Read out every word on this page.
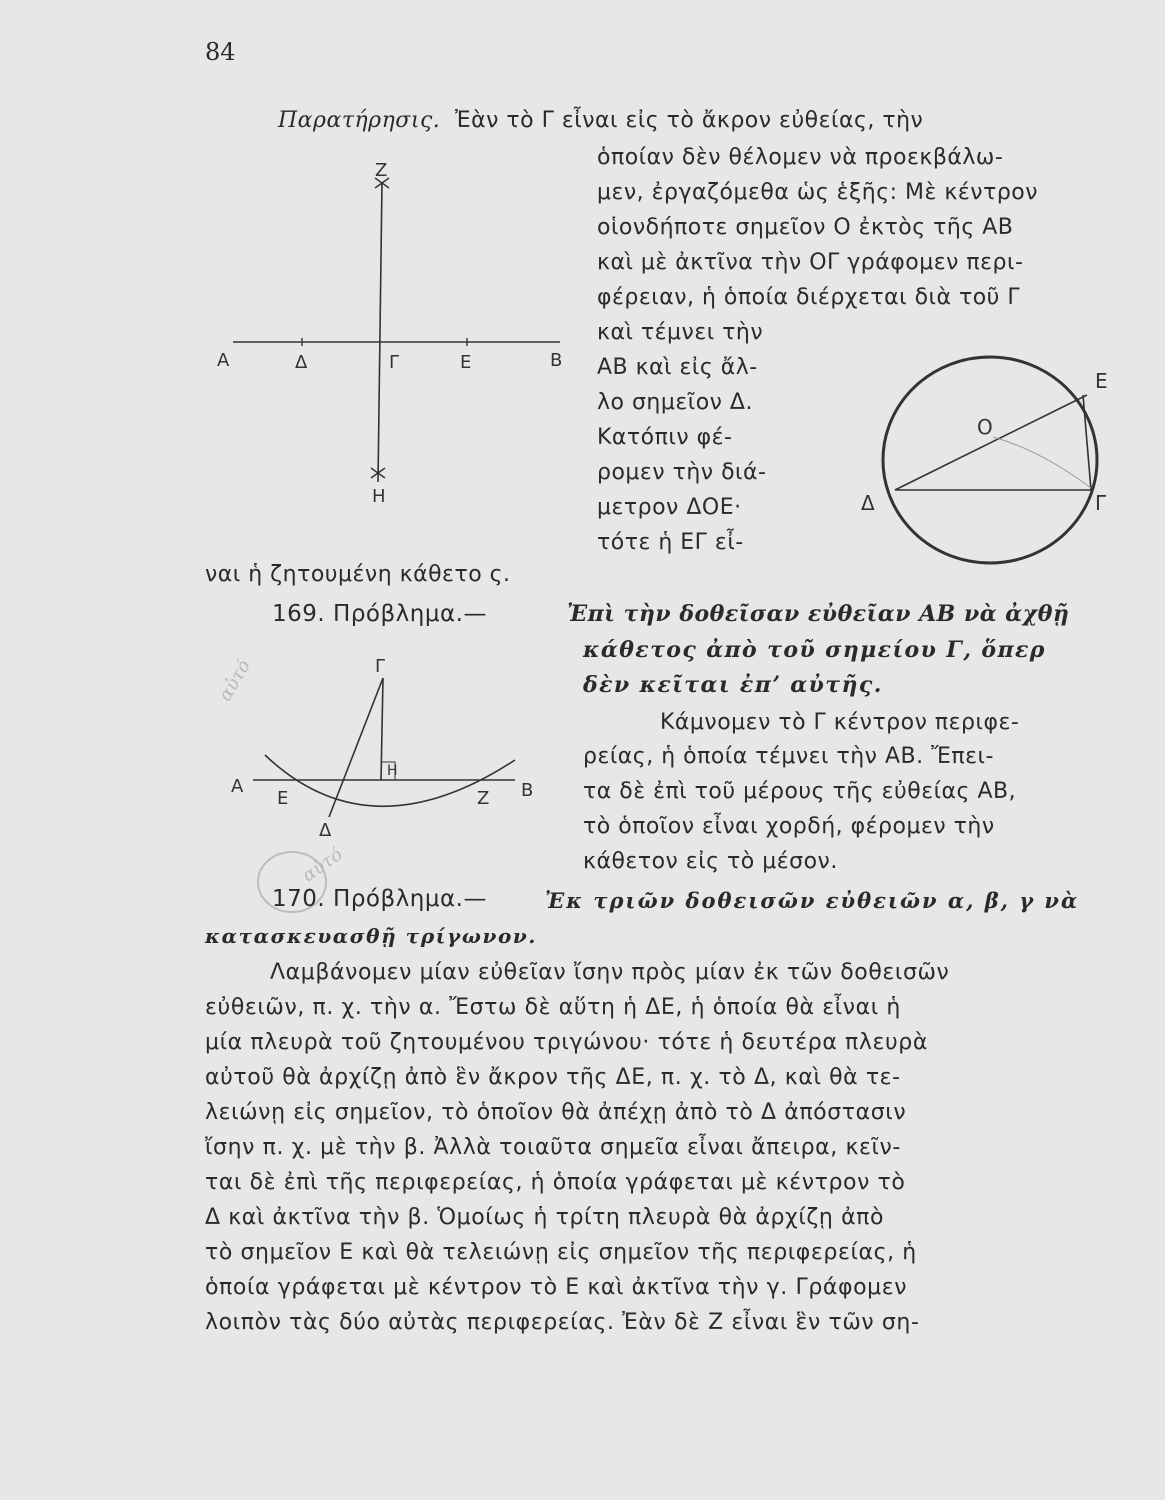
84
Παρατήρησις. Ἐὰν τὸ Γ εἶναι εἰς τὸ ἄκρον εὐθείας, τὴν
ὁποίαν δὲν θέλομεν νὰ προεκβάλω-
μεν, ἐργαζόμεθα ὡς ἑξῆς: Μὲ κέντρον
οἱονδήποτε σημεῖον Ο ἐκτὸς τῆς ΑΒ
καὶ μὲ ἀκτῖνα τὴν ΟΓ γράφομεν περι-
φέρειαν, ἡ ὁποία διέρχεται διὰ τοῦ Γ
καὶ τέμνει τὴν
ΑΒ καὶ εἰς ἄλ-
λο σημεῖον Δ.
Κατόπιν φέ-
ρομεν τὴν διά-
μετρον ΔΟΕ·
τότε ἡ ΕΓ εἶ-
ναι ἡ ζητουμένη κάθετο ς.
Z
Α	Δ	Γ	Ε	Β
Η
Ε
Ο
Δ	Γ
169. Πρόβλημα.—	Ἐπὶ τὴν δοθεῖσαν εὐθεῖαν ΑΒ νὰ ἀχθῇ
κάθετος ἀπὸ τοῦ σημείου Γ, ὅπερ
δὲν κεῖται ἐπʼ αὐτῆς.
Κάμνομεν τὸ Γ κέντρον περιφε-
ρείας, ἡ ὁποία τέμνει τὴν ΑΒ. Ἔπει-
τα δὲ ἐπὶ τοῦ μέρους τῆς εὐθείας ΑΒ,
τὸ ὁποῖον εἶναι χορδή, φέρομεν τὴν
κάθετον εἰς τὸ μέσον.
Γ
Η
Α
Ε	Ζ Β
Δ
αὐτό
αὐτό
170. Πρόβλημα.—	Ἐκ τριῶν δοθεισῶν εὐθειῶν α, β, γ νὰ
κατασκευασθῇ τρίγωνον.
Λαμβάνομεν μίαν εὐθεῖαν ἴσην πρὸς μίαν ἐκ τῶν δοθεισῶν
εὐθειῶν, π. χ. τὴν α. Ἔστω δὲ αὕτη ἡ ΔΕ, ἡ ὁποία θὰ εἶναι ἡ
μία πλευρὰ τοῦ ζητουμένου τριγώνου· τότε ἡ δευτέρα πλευρὰ
αὐτοῦ θὰ ἀρχίζῃ ἀπὸ ἓν ἄκρον τῆς ΔΕ, π. χ. τὸ Δ, καὶ θὰ τε-
λειώνῃ εἰς σημεῖον, τὸ ὁποῖον θὰ ἀπέχῃ ἀπὸ τὸ Δ ἀπόστασιν
ἴσην π. χ. μὲ τὴν β. Ἀλλὰ τοιαῦτα σημεῖα εἶναι ἄπειρα, κεῖν-
ται δὲ ἐπὶ τῆς περιφερείας, ἡ ὁποία γράφεται μὲ κέντρον τὸ
Δ καὶ ἀκτῖνα τὴν β. Ὁμοίως ἡ τρίτη πλευρὰ θὰ ἀρχίζῃ ἀπὸ
τὸ σημεῖον Ε καὶ θὰ τελειώνῃ εἰς σημεῖον τῆς περιφερείας, ἡ
ὁποία γράφεται μὲ κέντρον τὸ Ε καὶ ἀκτῖνα τὴν γ. Γράφομεν
λοιπὸν τὰς δύο αὐτὰς περιφερείας. Ἐὰν δὲ Ζ εἶναι ἓν τῶν ση-
